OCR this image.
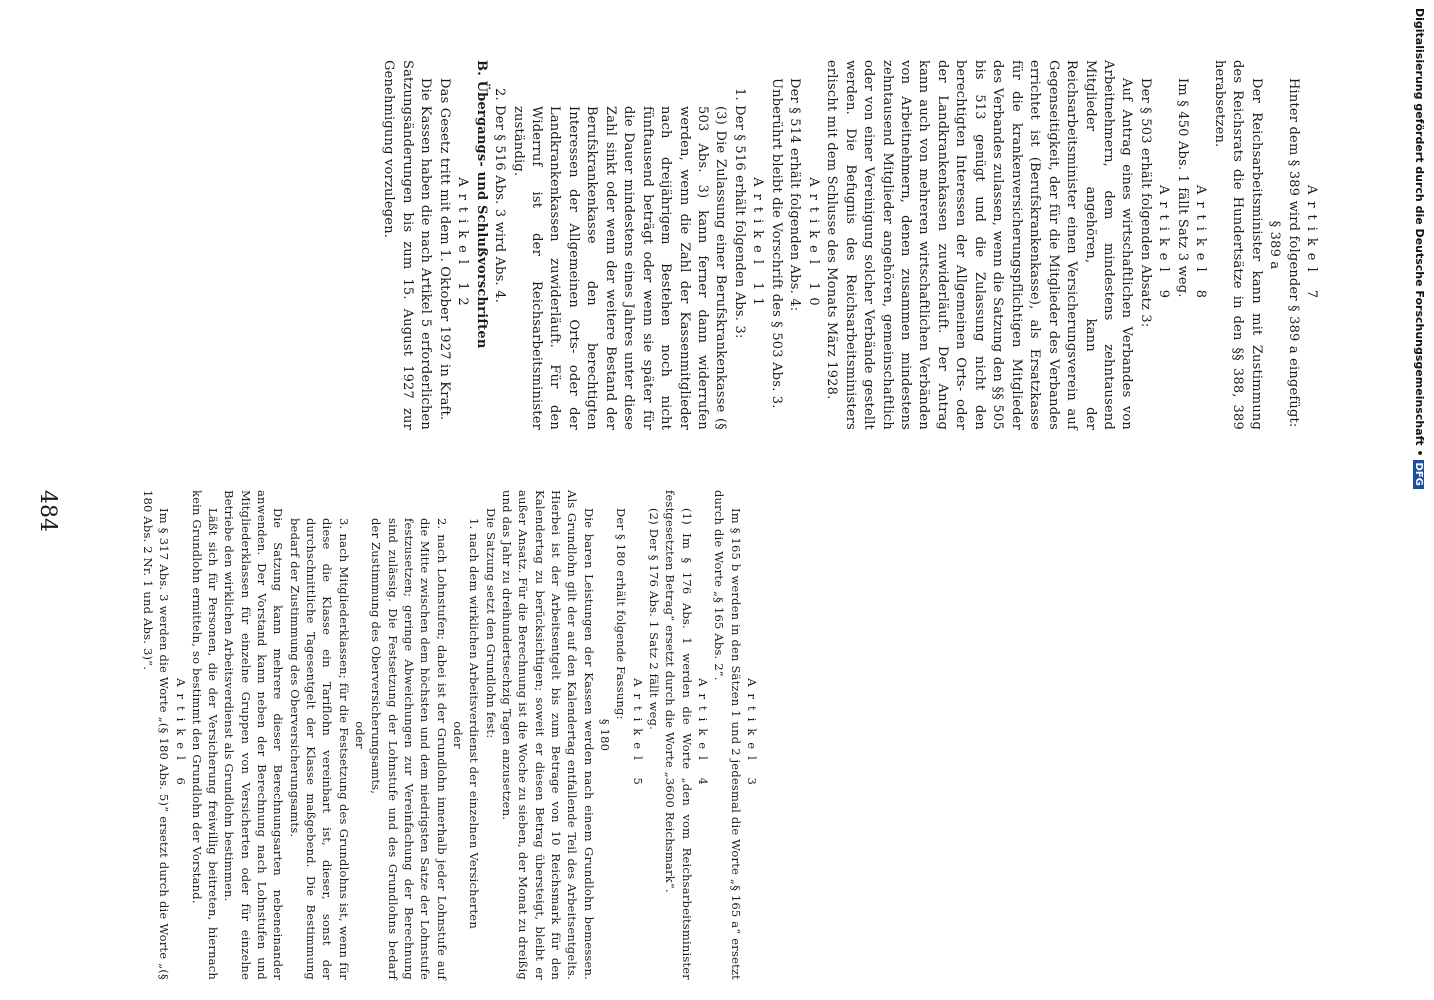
484
Digitalisierung gefördert durch die Deutsche Forschungsgemeinschaft •DFG

Artikel 3

Im § 165 b werden in den Sätzen 1 und 2 jedesmal die Worte „§ 165 a“ ersetzt durch die Worte „§ 165 Abs. 2“.

Artikel 4

(1) Im § 176 Abs. 1 werden die Worte „den vom Reichsarbeitsminister festgesetzten Betrag“ ersetzt durch die Worte „3600 Reichsmark“.

(2) Der § 176 Abs. 1 Satz 2 fällt weg.

Artikel 5

Der § 180 erhält folgende Fassung:

§ 180

Die baren Leistungen der Kassen werden nach einem Grundlohn bemessen. Als Grundlohn gilt der auf den Kalendertag entfallende Teil des Arbeitsentgelts. Hierbei ist der Arbeitsentgelt bis zum Betrage von 10 Reichsmark für den Kalendertag zu berücksichtigen; soweit er diesen Betrag übersteigt, bleibt er außer Ansatz. Für die Berechnung ist die Woche zu sieben, der Monat zu dreißig und das Jahr zu dreihundertsechzig Tagen anzusetzen.

Die Satzung setzt den Grundlohn fest:

1. nach dem wirklichen Arbeitsverdienst der einzelnen Versicherten

oder

2. nach Lohnstufen; dabei ist der Grundlohn innerhalb jeder Lohnstufe auf die Mitte zwischen dem höchsten und dem niedrigsten Satze der Lohnstufe festzusetzen; geringe Abweichungen zur Vereinfachung der Berechnung sind zulässig. Die Festsetzung der Lohnstufe und des Grundlohns bedarf der Zustimmung des Oberversicherungsamts,

oder

3. nach Mitgliederklassen; für die Festsetzung des Grundlohns ist, wenn für diese die Klasse ein Tariflohn vereinbart ist, dieser, sonst der durchschnittliche Tagesentgelt der Klasse maßgebend. Die Bestimmung bedarf der Zustimmung des Oberversicherungsamts.

Die Satzung kann mehrere dieser Berechnungsarten nebeneinander anwenden. Der Vorstand kann neben der Berechnung nach Lohnstufen und Mitgliederklassen für einzelne Gruppen von Versicherten oder für einzelne Betriebe den wirklichen Arbeitsverdienst als Grundlohn bestimmen.

Läßt sich für Personen, die der Versicherung freiwillig beitreten, hiernach kein Grundlohn ermitteln, so bestimmt den Grundlohn der Vorstand.

Artikel 6

Im § 317 Abs. 3 werden die Worte „(§ 180 Abs. 5)“ ersetzt durch die Worte „(§ 180 Abs. 2 Nr. 1 und Abs. 3)“.

Artikel 7

Hinter dem § 389 wird folgender § 389 a eingefügt:

§ 389 a

Der Reichsarbeitsminister kann mit Zustimmung des Reichsrats die Hundertsätze in den §§ 388, 389 herabsetzen.

Artikel 8

Im § 450 Abs. 1 fällt Satz 3 weg.

Artikel 9

Der § 503 erhält folgenden Absatz 3:

Auf Antrag eines wirtschaftlichen Verbandes von Arbeitnehmern, dem mindestens zehntausend Mitglieder angehören, kann der Reichsarbeitsminister einen Versicherungsverein auf Gegenseitigkeit, der für die Mitglieder des Verbandes errichtet ist (Berufskrankenkasse), als Ersatzkasse für die krankenversicherungspflichtigen Mitglieder des Verbandes zulassen, wenn die Satzung den §§ 505 bis 513 genügt und die Zulassung nicht den berechtigten Interessen der Allgemeinen Orts- oder der Landkrankenkassen zuwiderläuft. Der Antrag kann auch von mehreren wirtschaftlichen Verbänden von Arbeitnehmern, denen zusammen mindestens zehntausend Mitglieder angehören, gemeinschaftlich oder von einer Vereinigung solcher Verbände gestellt werden. Die Befugnis des Reichsarbeitsministers erlischt mit dem Schlusse des Monats März 1928.

Artikel 10

Der § 514 erhält folgenden Abs. 4:

Unberührt bleibt die Vorschrift des § 503 Abs. 3.

Artikel 11

1. Der § 516 erhält folgenden Abs. 3:

(3) Die Zulassung einer Berufskrankenkasse (§ 503 Abs. 3) kann ferner dann widerrufen werden, wenn die Zahl der Kassenmitglieder nach dreijährigem Bestehen noch nicht fünftausend beträgt oder wenn sie später für die Dauer mindestens eines Jahres unter diese Zahl sinkt oder wenn der weitere Bestand der Berufskrankenkasse den berechtigten Interessen der Allgemeinen Orts- oder der Landkrankenkassen zuwiderläuft. Für den Widerruf ist der Reichsarbeitsminister zuständig.

2. Der § 516 Abs. 3 wird Abs. 4.

B. Übergangs- und Schlußvorschriften

Artikel 12

Das Gesetz tritt mit dem 1. Oktober 1927 in Kraft.

Die Kassen haben die nach Artikel 5 erforderlichen Satzungsänderungen bis zum 15. August 1927 zur Genehmigung vorzulegen.
